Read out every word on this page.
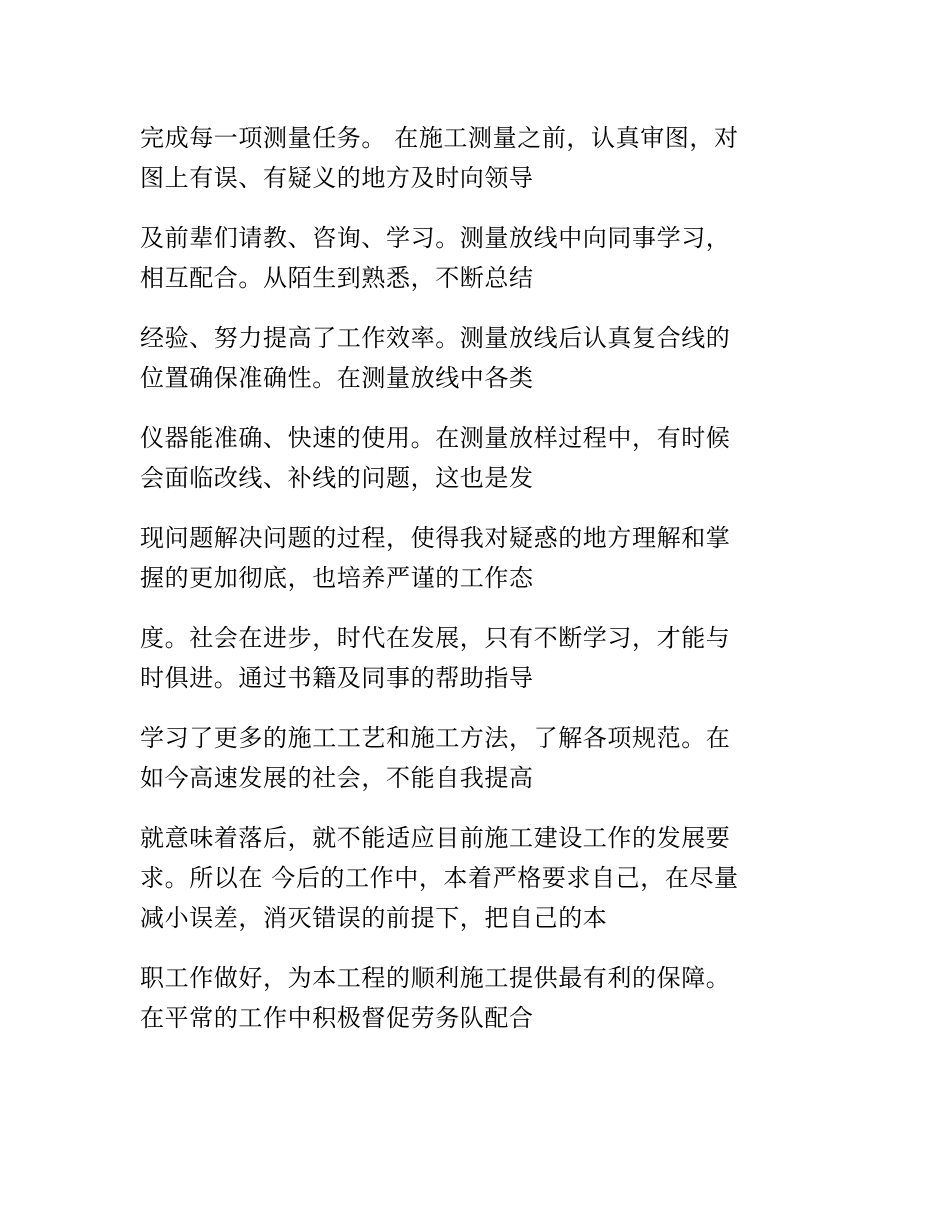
完成每一项测量任务。 在施工测量之前，认真审图，对
图上有误、有疑义的地方及时向领导

及前辈们请教、咨询、学习。测量放线中向同事学习，
相互配合。从陌生到熟悉，不断总结

经验、努力提高了工作效率。测量放线后认真复合线的
位置确保准确性。在测量放线中各类

仪器能准确、快速的使用。在测量放样过程中，有时候
会面临改线、补线的问题，这也是发

现问题解决问题的过程，使得我对疑惑的地方理解和掌
握的更加彻底，也培养严谨的工作态

度。社会在进步，时代在发展，只有不断学习，才能与
时俱进。通过书籍及同事的帮助指导

学习了更多的施工工艺和施工方法，了解各项规范。在
如今高速发展的社会，不能自我提高

就意味着落后，就不能适应目前施工建设工作的发展要
求。所以在 今后的工作中，本着严格要求自己，在尽量
减小误差，消灭错误的前提下，把自己的本

职工作做好，为本工程的顺利施工提供最有利的保障。
在平常的工作中积极督促劳务队配合
